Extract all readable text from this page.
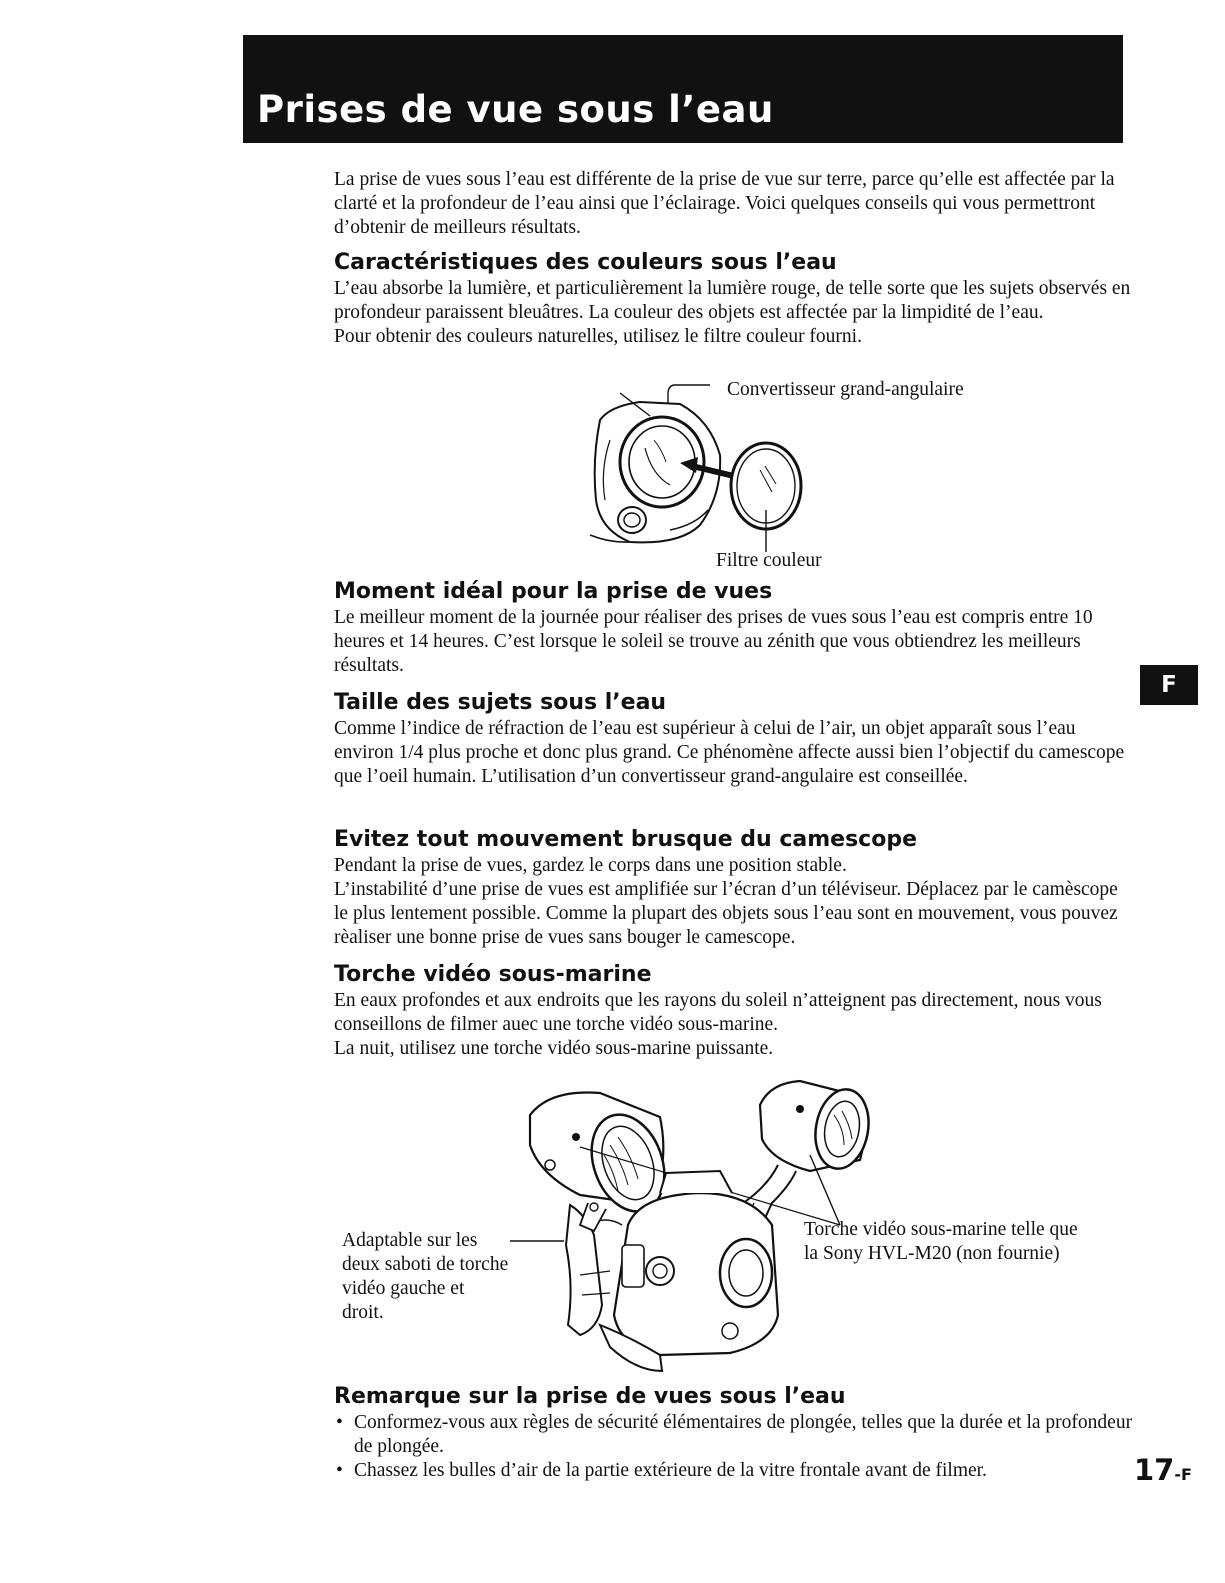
Prises de vue sous l’eau

La prise de vues sous l’eau est différente de la prise de vue sur terre, parce qu’elle est affectée par la clarté et la profondeur de l’eau ainsi que l’éclairage. Voici quelques conseils qui vous permettront d’obtenir de meilleurs résultats.

Caractéristiques des couleurs sous l’eau

L’eau absorbe la lumière, et particulièrement la lumière rouge, de telle sorte que les sujets observés en profondeur paraissent bleuâtres. La couleur des objets est affectée par la limpidité de l’eau.

Pour obtenir des couleurs naturelles, utilisez le filtre couleur fourni.

Convertisseur grand-angulaire
Filtre couleur

Moment idéal pour la prise de vues

Le meilleur moment de la journée pour réaliser des prises de vues sous l’eau est compris entre 10 heures et 14 heures. C’est lorsque le soleil se trouve au zénith que vous obtiendrez les meilleurs résultats.

Taille des sujets sous l’eau

Comme l’indice de réfraction de l’eau est supérieur à celui de l’air, un objet apparaît sous l’eau environ 1/4 plus proche et donc plus grand. Ce phénomène affecte aussi bien l’objectif du camescope que l’oeil humain. L’utilisation d’un convertisseur grand-angulaire est conseillée.

Evitez tout mouvement brusque du camescope

Pendant la prise de vues, gardez le corps dans une position stable.

L’instabilité d’une prise de vues est amplifiée sur l’écran d’un téléviseur. Déplacez par le camèscope le plus lentement possible. Comme la plupart des objets sous l’eau sont en mouvement, vous pouvez rèaliser une bonne prise de vues sans bouger le camescope.

Torche vidéo sous-marine

En eaux profondes et aux endroits que les rayons du soleil n’atteignent pas directement, nous vous conseillons de filmer auec une torche vidéo sous-marine.

La nuit, utilisez une torche vidéo sous-marine puissante.

Adaptable sur les
deux saboti de torche
vidéo gauche et
droit.
Torche vidéo sous-marine telle que
la Sony HVL-M20 (non fournie)

Remarque sur la prise de vues sous l’eau

• Conformez-vous aux règles de sécurité élémentaires de plongée, telles que la durée et la profondeur de plongée.
• Chassez les bulles d’air de la partie extérieure de la vitre frontale avant de filmer.
F
17-F
